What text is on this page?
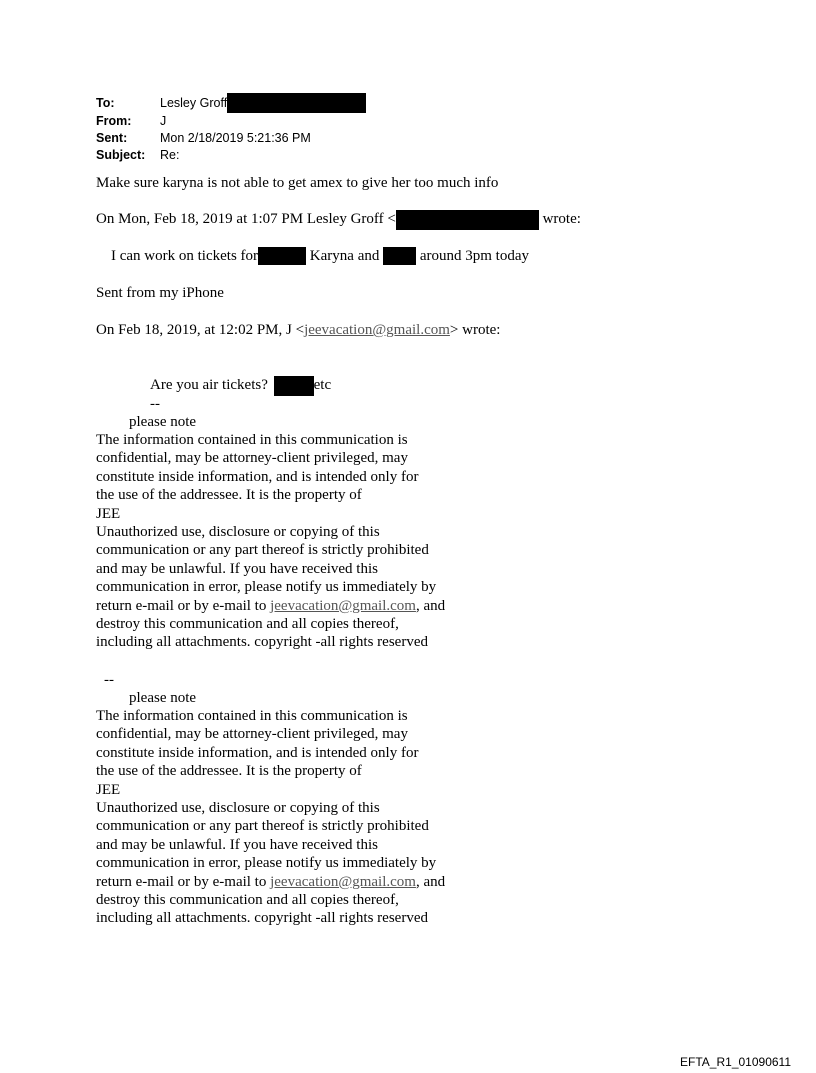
To:	Lesley Groff
From:	J
Sent:	Mon 2/18/2019 5:21:36 PM
Subject:	Re:
Make sure karyna is not able to get amex to give her too much info
On Mon, Feb 18, 2019 at 1:07 PM Lesley Groff <	wrote:
I can work on tickets for	Karyna and  around 3pm today
Sent from my iPhone
On Feb 18, 2019, at 12:02 PM, J <jeevacation@gmail.com> wrote:
Are you air tickets?	etc
--
please note
The information contained in this communication is
confidential, may be attorney-client privileged, may
constitute inside information, and is intended only for
the use of the addressee. It is the property of
JEE
Unauthorized use, disclosure or copying of this
communication or any part thereof is strictly prohibited
and may be unlawful. If you have received this
communication in error, please notify us immediately by
return e-mail or by e-mail to jeevacation@gmail.com, and
destroy this communication and all copies thereof,
including all attachments. copyright -all rights reserved
--
please note
The information contained in this communication is
confidential, may be attorney-client privileged, may
constitute inside information, and is intended only for
the use of the addressee. It is the property of
JEE
Unauthorized use, disclosure or copying of this
communication or any part thereof is strictly prohibited
and may be unlawful. If you have received this
communication in error, please notify us immediately by
return e-mail or by e-mail to jeevacation@gmail.com, and
destroy this communication and all copies thereof,
including all attachments. copyright -all rights reserved
EFTA_R1_01090611
